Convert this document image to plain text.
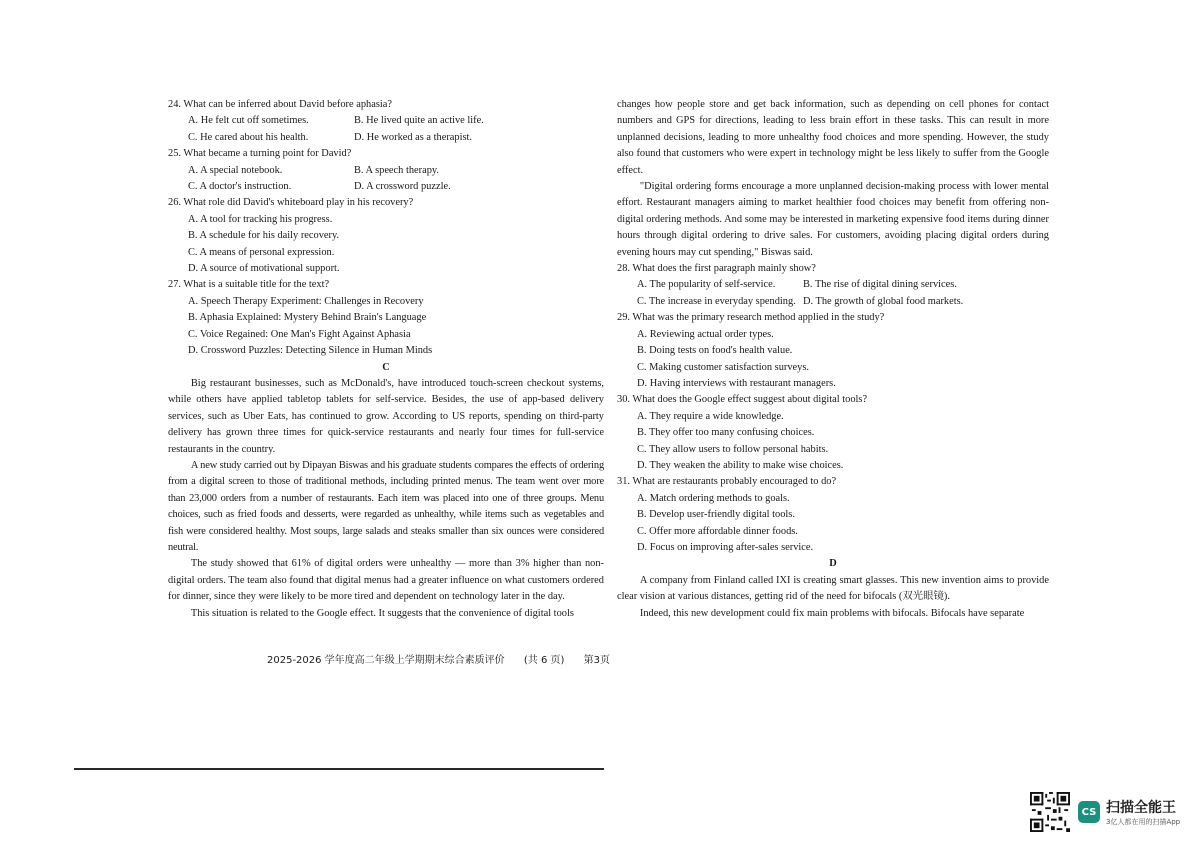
24. What can be inferred about David before aphasia?
A. He felt cut off sometimes.	B. He lived quite an active life.
C. He cared about his health.	D. He worked as a therapist.
25. What became a turning point for David?
A. A special notebook.	B. A speech therapy.
C. A doctor's instruction.	D. A crossword puzzle.
26. What role did David's whiteboard play in his recovery?
A. A tool for tracking his progress.
B. A schedule for his daily recovery.
C. A means of personal expression.
D. A source of motivational support.
27. What is a suitable title for the text?
A. Speech Therapy Experiment: Challenges in Recovery
B. Aphasia Explained: Mystery Behind Brain's Language
C. Voice Regained: One Man's Fight Against Aphasia
D. Crossword Puzzles: Detecting Silence in Human Minds
C

Big restaurant businesses, such as McDonald's, have introduced touch-screen checkout systems, while others have applied tabletop tablets for self-service. Besides, the use of app-based delivery services, such as Uber Eats, has continued to grow. According to US reports, spending on third-party delivery has grown three times for quick-service restaurants and nearly four times for full-service restaurants in the country.

A new study carried out by Dipayan Biswas and his graduate students compares the effects of ordering from a digital screen to those of traditional methods, including printed menus. The team went over more than 23,000 orders from a number of restaurants. Each item was placed into one of three groups. Menu choices, such as fried foods and desserts, were regarded as unhealthy, while items such as vegetables and fish were considered healthy. Most soups, large salads and steaks smaller than six ounces were considered neutral.

The study showed that 61% of digital orders were unhealthy — more than 3% higher than non-digital orders. The team also found that digital menus had a greater influence on what customers ordered for dinner, since they were likely to be more tired and dependent on technology later in the day.

This situation is related to the Google effect. It suggests that the convenience of digital tools

changes how people store and get back information, such as depending on cell phones for contact numbers and GPS for directions, leading to less brain effort in these tasks. This can result in more unplanned decisions, leading to more unhealthy food choices and more spending. However, the study also found that customers who were expert in technology might be less likely to suffer from the Google effect.

"Digital ordering forms encourage a more unplanned decision-making process with lower mental effort. Restaurant managers aiming to market healthier food choices may benefit from offering non-digital ordering methods. And some may be interested in marketing expensive food items during dinner hours through digital ordering to drive sales. For customers, avoiding placing digital orders during evening hours may cut spending," Biswas said.

28. What does the first paragraph mainly show?
A. The popularity of self-service.	B. The rise of digital dining services.
C. The increase in everyday spending. D. The growth of global food markets.
29. What was the primary research method applied in the study?
A. Reviewing actual order types.
B. Doing tests on food's health value.
C. Making customer satisfaction surveys.
D. Having interviews with restaurant managers.
30. What does the Google effect suggest about digital tools?
A. They require a wide knowledge.
B. They offer too many confusing choices.
C. They allow users to follow personal habits.
D. They weaken the ability to make wise choices.
31. What are restaurants probably encouraged to do?
A. Match ordering methods to goals.
B. Develop user-friendly digital tools.
C. Offer more affordable dinner foods.
D. Focus on improving after-sales service.
D

A company from Finland called IXI is creating smart glasses. This new invention aims to provide clear vision at various distances, getting rid of the need for bifocals (双光眼镜).

Indeed, this new development could fix main problems with bifocals. Bifocals have separate

2025-2026 学年度高二年级上学期期末综合素质评价 (共 6 页) 第3页
CS 扫描全能王
3亿人都在用的扫描App
